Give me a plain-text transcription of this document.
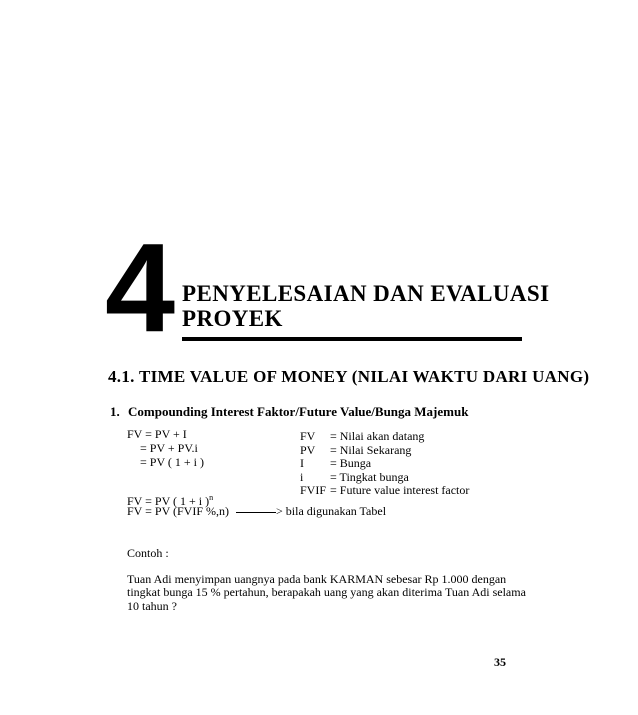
4 PENYELESAIAN DAN EVALUASI
PROYEK
4.1. TIME VALUE OF MONEY (NILAI WAKTU DARI UANG)
1. Compounding Interest Faktor/Future Value/Bunga Majemuk
FV = PV + I
= PV + PV.i
= PV ( 1 + i )
FV = PV ( 1 + i )$^n$
FV = PV (FVIF %,n)	> bila digunakan Tabel
FV	= Nilai akan datang
PV	= Nilai Sekarang
I	= Bunga
i	= Tingkat bunga
FVIF = Future value interest factor
Contoh :
Tuan Adi menyimpan uangnya pada bank KARMAN sebesar Rp 1.000 dengan
tingkat bunga 15 % pertahun, berapakah uang yang akan diterima Tuan Adi selama
10 tahun ?
35
